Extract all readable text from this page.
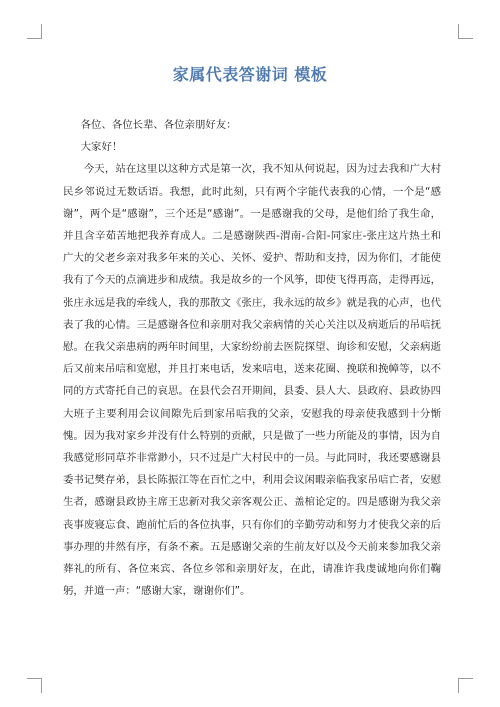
家属代表答谢词 模板

各位、各位长辈、各位亲朋好友：

大家好！

今天，站在这里以这种方式是第一次，我不知从何说起，因为过去我和广大村民乡邻说过无数话语。我想，此时此刻，只有两个字能代表我的心情，一个是“感谢”，两个是“感谢”，三个还是“感谢”。一是感谢我的父母，是他们给了我生命，并且含辛茹苦地把我养育成人。二是感谢陕西-渭南-合阳-同家庄-张庄这片热土和广大的父老乡亲对我多年来的关心、关怀、爱护、帮助和支持，因为你们，才能使我有了今天的点滴进步和成绩。我是故乡的一个风筝，即使飞得再高，走得再远，张庄永远是我的牵线人，我的那散文《张庄，我永远的故乡》就是我的心声，也代表了我的心情。三是感谢各位和亲朋对我父亲病情的关心关注以及病逝后的吊唁抚慰。在我父亲患病的两年时间里，大家纷纷前去医院探望、询诊和安慰，父亲病逝后又前来吊唁和宽慰，并且打来电话，发来唁电，送来花圈、挽联和挽幛等，以不同的方式寄托自己的哀思。在县代会召开期间，县委、县人大、县政府、县政协四大班子主要利用会议间隙先后到家吊唁我的父亲，安慰我的母亲使我感到十分惭愧。因为我对家乡并没有什么特别的贡献，只是做了一些力所能及的事情，因为自我感觉形同草芥非常渺小，只不过是广大村民中的一员。与此同时，我还要感谢县委书记樊存弟，县长陈振江等在百忙之中，利用会议闲暇亲临我家吊唁亡者，安慰生者，感谢县政协主席王忠新对我父亲客观公正、盖棺论定的。四是感谢为我父亲丧事废寝忘食、跑前忙后的各位执事，只有你们的辛勤劳动和努力才使我父亲的后事办理的井然有序，有条不紊。五是感谢父亲的生前友好以及今天前来参加我父亲葬礼的所有、各位来宾、各位乡邻和亲朋好友，在此，请准许我虔诚地向你们鞠躬，并道一声：“感谢大家，谢谢你们”。
